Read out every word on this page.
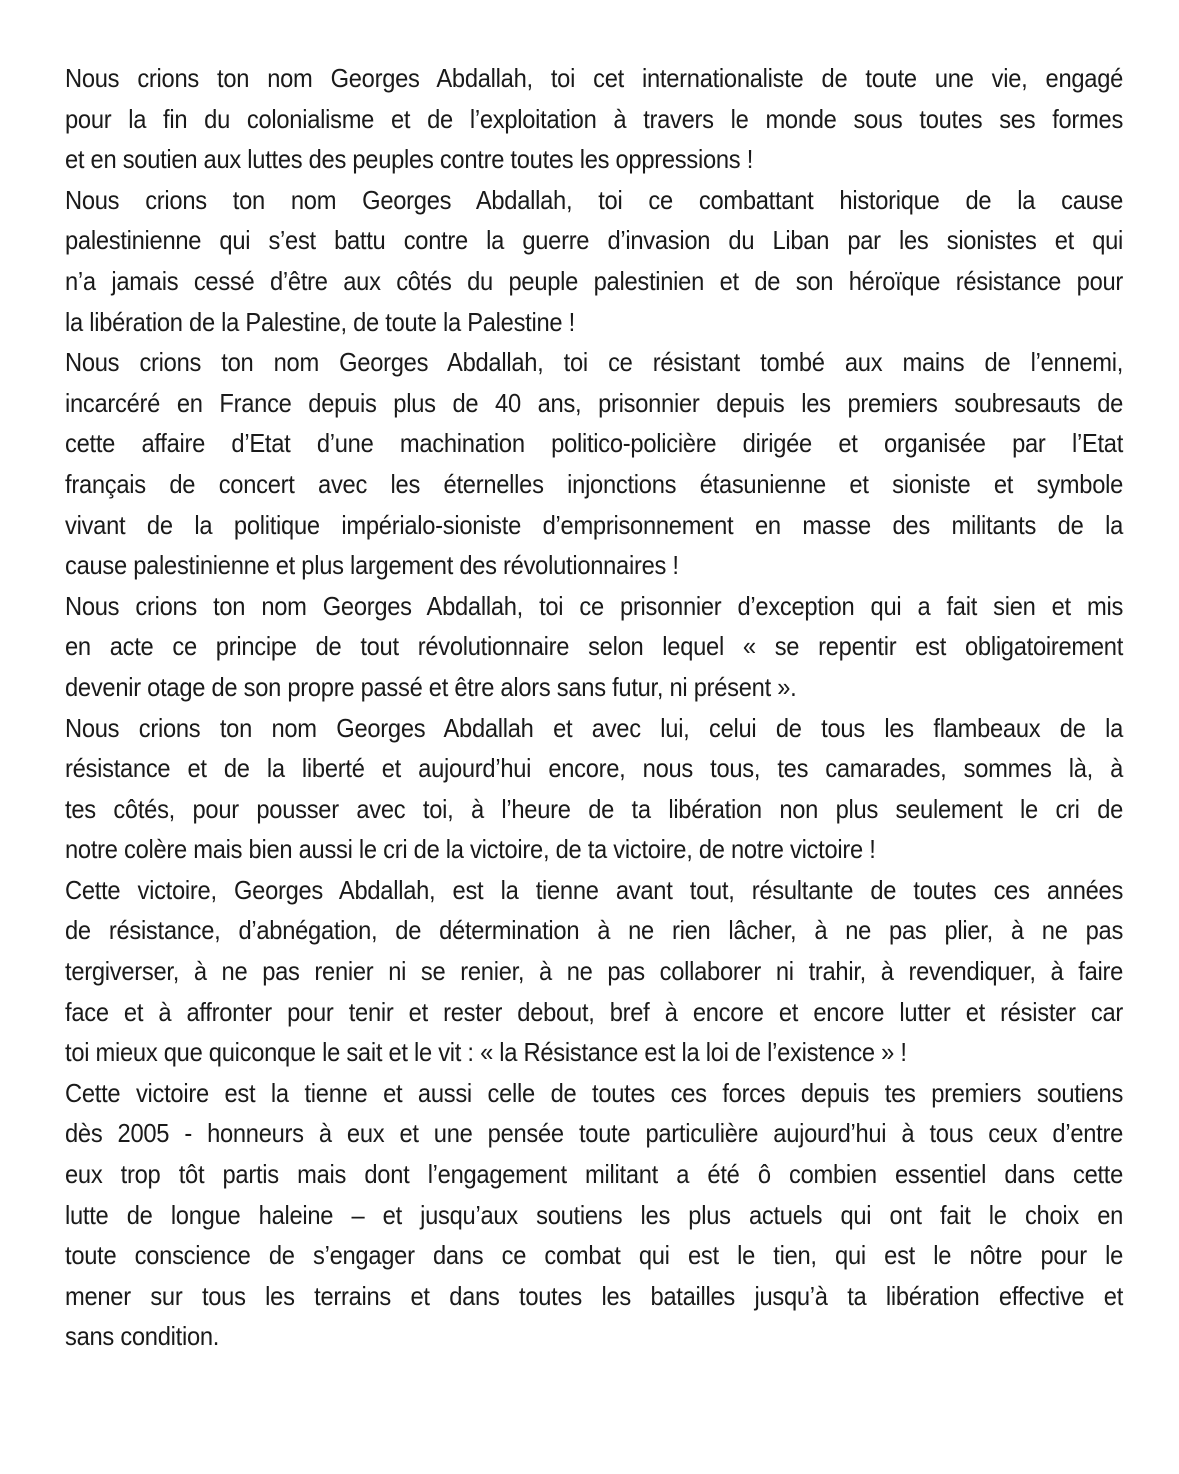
Nous crions ton nom Georges Abdallah, toi cet internationaliste de toute une vie, engagé
pour la fin du colonialisme et de l’exploitation à travers le monde sous toutes ses formes
et en soutien aux luttes des peuples contre toutes les oppressions !
Nous crions ton nom Georges Abdallah, toi ce combattant historique de la cause
palestinienne qui s’est battu contre la guerre d’invasion du Liban par les sionistes et qui
n’a jamais cessé d’être aux côtés du peuple palestinien et de son héroïque résistance pour
la libération de la Palestine, de toute la Palestine !
Nous crions ton nom Georges Abdallah, toi ce résistant tombé aux mains de l’ennemi,
incarcéré en France depuis plus de 40 ans, prisonnier depuis les premiers soubresauts de
cette affaire d’Etat d’une machination politico-policière dirigée et organisée par l’Etat
français de concert avec les éternelles injonctions étasunienne et sioniste et symbole
vivant de la politique impérialo-sioniste d’emprisonnement en masse des militants de la
cause palestinienne et plus largement des révolutionnaires !
Nous crions ton nom Georges Abdallah, toi ce prisonnier d’exception qui a fait sien et mis
en acte ce principe de tout révolutionnaire selon lequel « se repentir est obligatoirement
devenir otage de son propre passé et être alors sans futur, ni présent ».
Nous crions ton nom Georges Abdallah et avec lui, celui de tous les flambeaux de la
résistance et de la liberté et aujourd’hui encore, nous tous, tes camarades, sommes là, à
tes côtés, pour pousser avec toi, à l’heure de ta libération non plus seulement le cri de
notre colère mais bien aussi le cri de la victoire, de ta victoire, de notre victoire !
Cette victoire, Georges Abdallah, est la tienne avant tout, résultante de toutes ces années
de résistance, d’abnégation, de détermination à ne rien lâcher, à ne pas plier, à ne pas
tergiverser, à ne pas renier ni se renier, à ne pas collaborer ni trahir, à revendiquer, à faire
face et à affronter pour tenir et rester debout, bref à encore et encore lutter et résister car
toi mieux que quiconque le sait et le vit : « la Résistance est la loi de l’existence » !
Cette victoire est la tienne et aussi celle de toutes ces forces depuis tes premiers soutiens
dès 2005 - honneurs à eux et une pensée toute particulière aujourd’hui à tous ceux d’entre
eux trop tôt partis mais dont l’engagement militant a été ô combien essentiel dans cette
lutte de longue haleine – et jusqu’aux soutiens les plus actuels qui ont fait le choix en
toute conscience de s’engager dans ce combat qui est le tien, qui est le nôtre pour le
mener sur tous les terrains et dans toutes les batailles jusqu’à ta libération effective et
sans condition.
